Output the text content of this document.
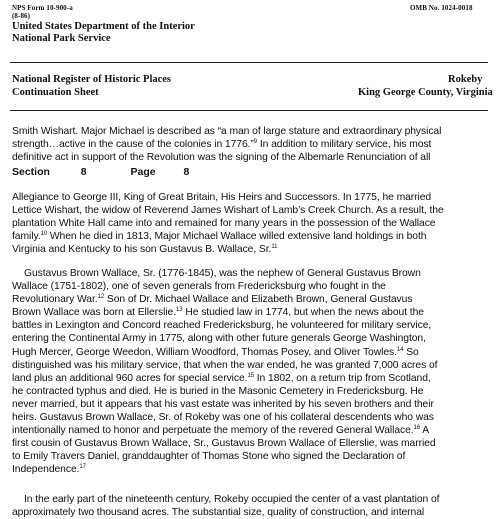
NPS Form 10-900-a
(8-86)
OMB No. 1024-0018
United States Department of the Interior
National Park Service
National Register of Historic Places
Continuation Sheet
Rokeby
King George County, Virginia
Smith Wishart. Major Michael is described as “a man of large stature and extraordinary physical
strength…active in the cause of the colonies in 1776.”$^9$ In addition to military service, his most
definitive act in support of the Revolution was the signing of the Albemarle Renunciation of all
Section	8	Page	8
Allegiance to George III, King of Great Britain, His Heirs and Successors. In 1775, he married
Lettice Wishart, the widow of Reverend James Wishart of Lamb’s Creek Church. As a result, the
plantation White Hall came into and remained for many years in the possession of the Wallace
family.$^{10}$ When he died in 1813, Major Michael Wallace willed extensive land holdings in both
Virginia and Kentucky to his son Gustavus B. Wallace, Sr.$^{11}$
Gustavus Brown Wallace, Sr. (1776-1845), was the nephew of General Gustavus Brown
Wallace (1751-1802), one of seven generals from Fredericksburg who fought in the
Revolutionary War.$^{12}$ Son of Dr. Michael Wallace and Elizabeth Brown, General Gustavus
Brown Wallace was born at Ellerslie.$^{13}$ He studied law in 1774, but when the news about the
battles in Lexington and Concord reached Fredericksburg, he volunteered for military service,
entering the Continental Army in 1775, along with other future generals George Washington,
Hugh Mercer, George Weedon, William Woodford, Thomas Posey, and Oliver Towles.$^{14}$ So
distinguished was his military service, that when the war ended, he was granted 7,000 acres of
land plus an additional 960 acres for special service.$^{15}$ In 1802, on a return trip from Scotland,
he contracted typhus and died. He is buried in the Masonic Cemetery in Fredericksburg. He
never married, but it appears that his vast estate was inherited by his seven brothers and their
heirs. Gustavus Brown Wallace, Sr. of Rokeby was one of his collateral descendents who was
intentionally named to honor and perpetuate the memory of the revered General Wallace.$^{16}$ A
first cousin of Gustavus Brown Wallace, Sr., Gustavus Brown Wallace of Ellerslie, was married
to Emily Travers Daniel, granddaughter of Thomas Stone who signed the Declaration of
Independence.$^{17}$
In the early part of the nineteenth century, Rokeby occupied the center of a vast plantation of
approximately two thousand acres. The substantial size, quality of construction, and internal
